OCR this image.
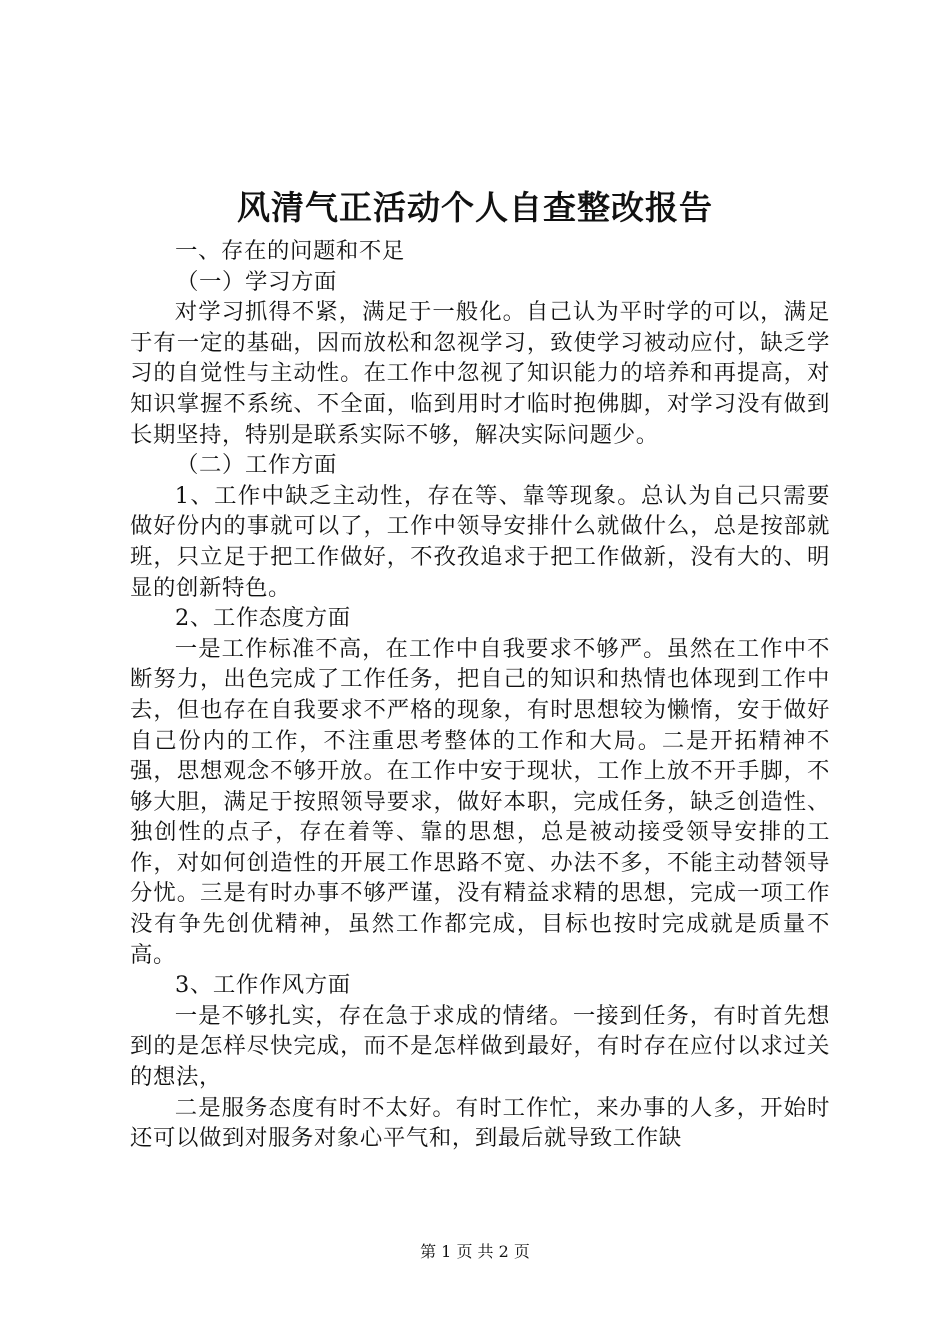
风清气正活动个人自查整改报告

一、存在的问题和不足

（一）学习方面

对学习抓得不紧，满足于一般化。自己认为平时学的可以，满足于有一定的基础，因而放松和忽视学习，致使学习被动应付，缺乏学习的自觉性与主动性。在工作中忽视了知识能力的培养和再提高，对知识掌握不系统、不全面，临到用时才临时抱佛脚，对学习没有做到长期坚持，特别是联系实际不够，解决实际问题少。

（二）工作方面

1、工作中缺乏主动性，存在等、靠等现象。总认为自己只需要做好份内的事就可以了，工作中领导安排什么就做什么，总是按部就班，只立足于把工作做好，不孜孜追求于把工作做新，没有大的、明显的创新特色。

2、工作态度方面

一是工作标准不高，在工作中自我要求不够严。虽然在工作中不断努力，出色完成了工作任务，把自己的知识和热情也体现到工作中去，但也存在自我要求不严格的现象，有时思想较为懒惰，安于做好自己份内的工作，不注重思考整体的工作和大局。二是开拓精神不强，思想观念不够开放。在工作中安于现状，工作上放不开手脚，不够大胆，满足于按照领导要求，做好本职，完成任务，缺乏创造性、独创性的点子，存在着等、靠的思想，总是被动接受领导安排的工作，对如何创造性的开展工作思路不宽、办法不多，不能主动替领导分忧。三是有时办事不够严谨，没有精益求精的思想，完成一项工作没有争先创优精神，虽然工作都完成，目标也按时完成就是质量不高。

3、工作作风方面

一是不够扎实，存在急于求成的情绪。一接到任务，有时首先想到的是怎样尽快完成，而不是怎样做到最好，有时存在应付以求过关的想法，

二是服务态度有时不太好。有时工作忙，来办事的人多，开始时还可以做到对服务对象心平气和，到最后就导致工作缺

第 1 页 共 2 页
